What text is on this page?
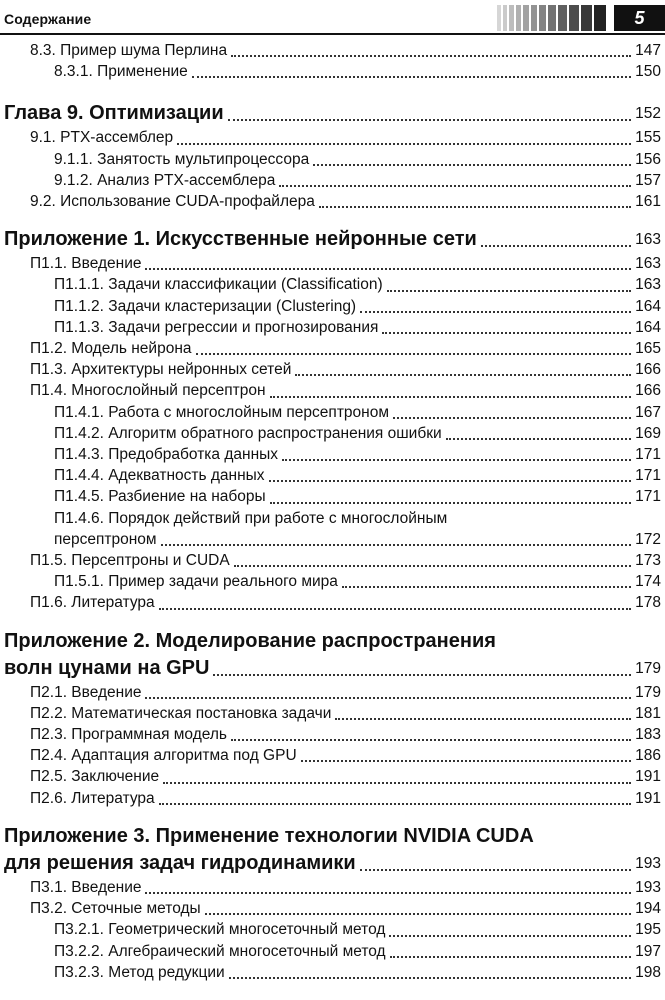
Содержание	5
8.3. Пример шума Перлина	147
8.3.1. Применение	150
Глава 9. Оптимизации	152
9.1. PTX-ассемблер	155
9.1.1. Занятость мультипроцессора	156
9.1.2. Анализ PTX-ассемблера	157
9.2. Использование CUDA-профайлера	161
Приложение 1. Искусственные нейронные сети	163
П1.1. Введение	163
П1.1.1. Задачи классификации (Classification)	163
П1.1.2. Задачи кластеризации (Clustering)	164
П1.1.3. Задачи регрессии и прогнозирования	164
П1.2. Модель нейрона	165
П1.3. Архитектуры нейронных сетей	166
П1.4. Многослойный персептрон	166
П1.4.1. Работа с многослойным персептроном	167
П1.4.2. Алгоритм обратного распространения ошибки	169
П1.4.3. Предобработка данных	171
П1.4.4. Адекватность данных	171
П1.4.5. Разбиение на наборы	171
П1.4.6. Порядок действий при работе с многослойным
персептроном	172
П1.5. Персептроны и CUDA	173
П1.5.1. Пример задачи реального мира	174
П1.6. Литература	178
Приложение 2. Моделирование распространения
волн цунами на GPU	179
П2.1. Введение	179
П2.2. Математическая постановка задачи	181
П2.3. Программная модель	183
П2.4. Адаптация алгоритма под GPU	186
П2.5. Заключение	191
П2.6. Литература	191
Приложение 3. Применение технологии NVIDIA CUDA
для решения задач гидродинамики	193
П3.1. Введение	193
П3.2. Сеточные методы	194
П3.2.1. Геометрический многосеточный метод	195
П3.2.2. Алгебраический многосеточный метод	197
П3.2.3. Метод редукции	198
